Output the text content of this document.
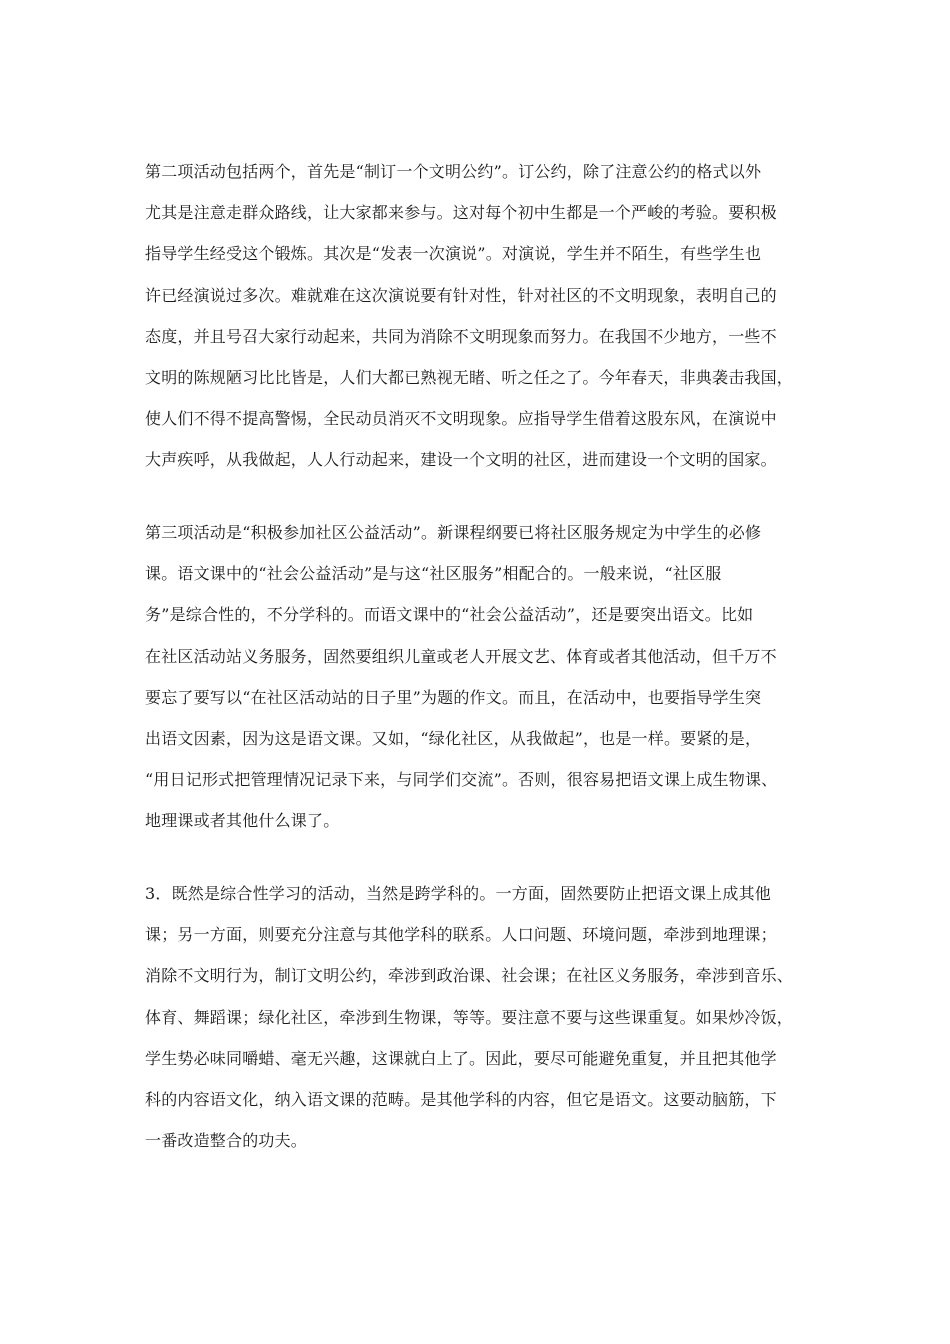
第二项活动包括两个，首先是“制订一个文明公约”。订公约，除了注意公约的格式以外
尤其是注意走群众路线，让大家都来参与。这对每个初中生都是一个严峻的考验。要积极
指导学生经受这个锻炼。其次是“发表一次演说”。对演说，学生并不陌生，有些学生也
许已经演说过多次。难就难在这次演说要有针对性，针对社区的不文明现象，表明自己的
态度，并且号召大家行动起来，共同为消除不文明现象而努力。在我国不少地方，一些不
文明的陈规陋习比比皆是，人们大都已熟视无睹、听之任之了。今年春天，非典袭击我国，
使人们不得不提高警惕，全民动员消灭不文明现象。应指导学生借着这股东风，在演说中
大声疾呼，从我做起，人人行动起来，建设一个文明的社区，进而建设一个文明的国家。
第三项活动是“积极参加社区公益活动”。新课程纲要已将社区服务规定为中学生的必修
课。语文课中的“社会公益活动”是与这“社区服务”相配合的。一般来说，“社区服
务”是综合性的，不分学科的。而语文课中的“社会公益活动”，还是要突出语文。比如
在社区活动站义务服务，固然要组织儿童或老人开展文艺、体育或者其他活动，但千万不
要忘了要写以“在社区活动站的日子里”为题的作文。而且，在活动中，也要指导学生突
出语文因素，因为这是语文课。又如，“绿化社区，从我做起”，也是一样。要紧的是，
“用日记形式把管理情况记录下来，与同学们交流”。否则，很容易把语文课上成生物课、
地理课或者其他什么课了。
3．既然是综合性学习的活动，当然是跨学科的。一方面，固然要防止把语文课上成其他
课；另一方面，则要充分注意与其他学科的联系。人口问题、环境问题，牵涉到地理课；
消除不文明行为，制订文明公约，牵涉到政治课、社会课；在社区义务服务，牵涉到音乐、
体育、舞蹈课；绿化社区，牵涉到生物课，等等。要注意不要与这些课重复。如果炒冷饭，
学生势必味同嚼蜡、毫无兴趣，这课就白上了。因此，要尽可能避免重复，并且把其他学
科的内容语文化，纳入语文课的范畴。是其他学科的内容，但它是语文。这要动脑筋，下
一番改造整合的功夫。
